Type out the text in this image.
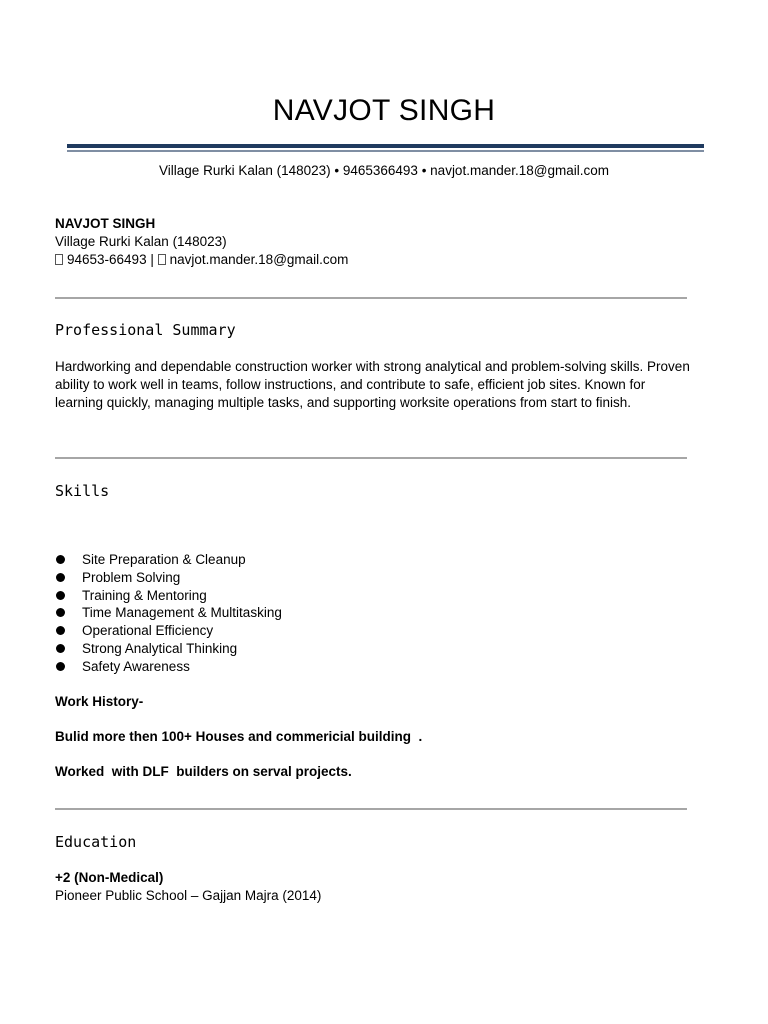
NAVJOT SINGH
Village Rurki Kalan (148023) • 9465366493 • navjot.mander.18@gmail.com
NAVJOT SINGH
Village Rurki Kalan (148023)
94653-66493 | navjot.mander.18@gmail.com
Professional Summary
Hardworking and dependable construction worker with strong analytical and problem-solving skills. Proven ability to work well in teams, follow instructions, and contribute to safe, efficient job sites. Known for learning quickly, managing multiple tasks, and supporting worksite operations from start to finish.
Skills
Site Preparation & Cleanup
Problem Solving
Training & Mentoring
Time Management & Multitasking
Operational Efficiency
Strong Analytical Thinking
Safety Awareness
Work History-
Bulid more then 100+ Houses and commericial building  .
Worked  with DLF  builders on serval projects.
Education
+2 (Non-Medical)
Pioneer Public School – Gajjan Majra (2014)
